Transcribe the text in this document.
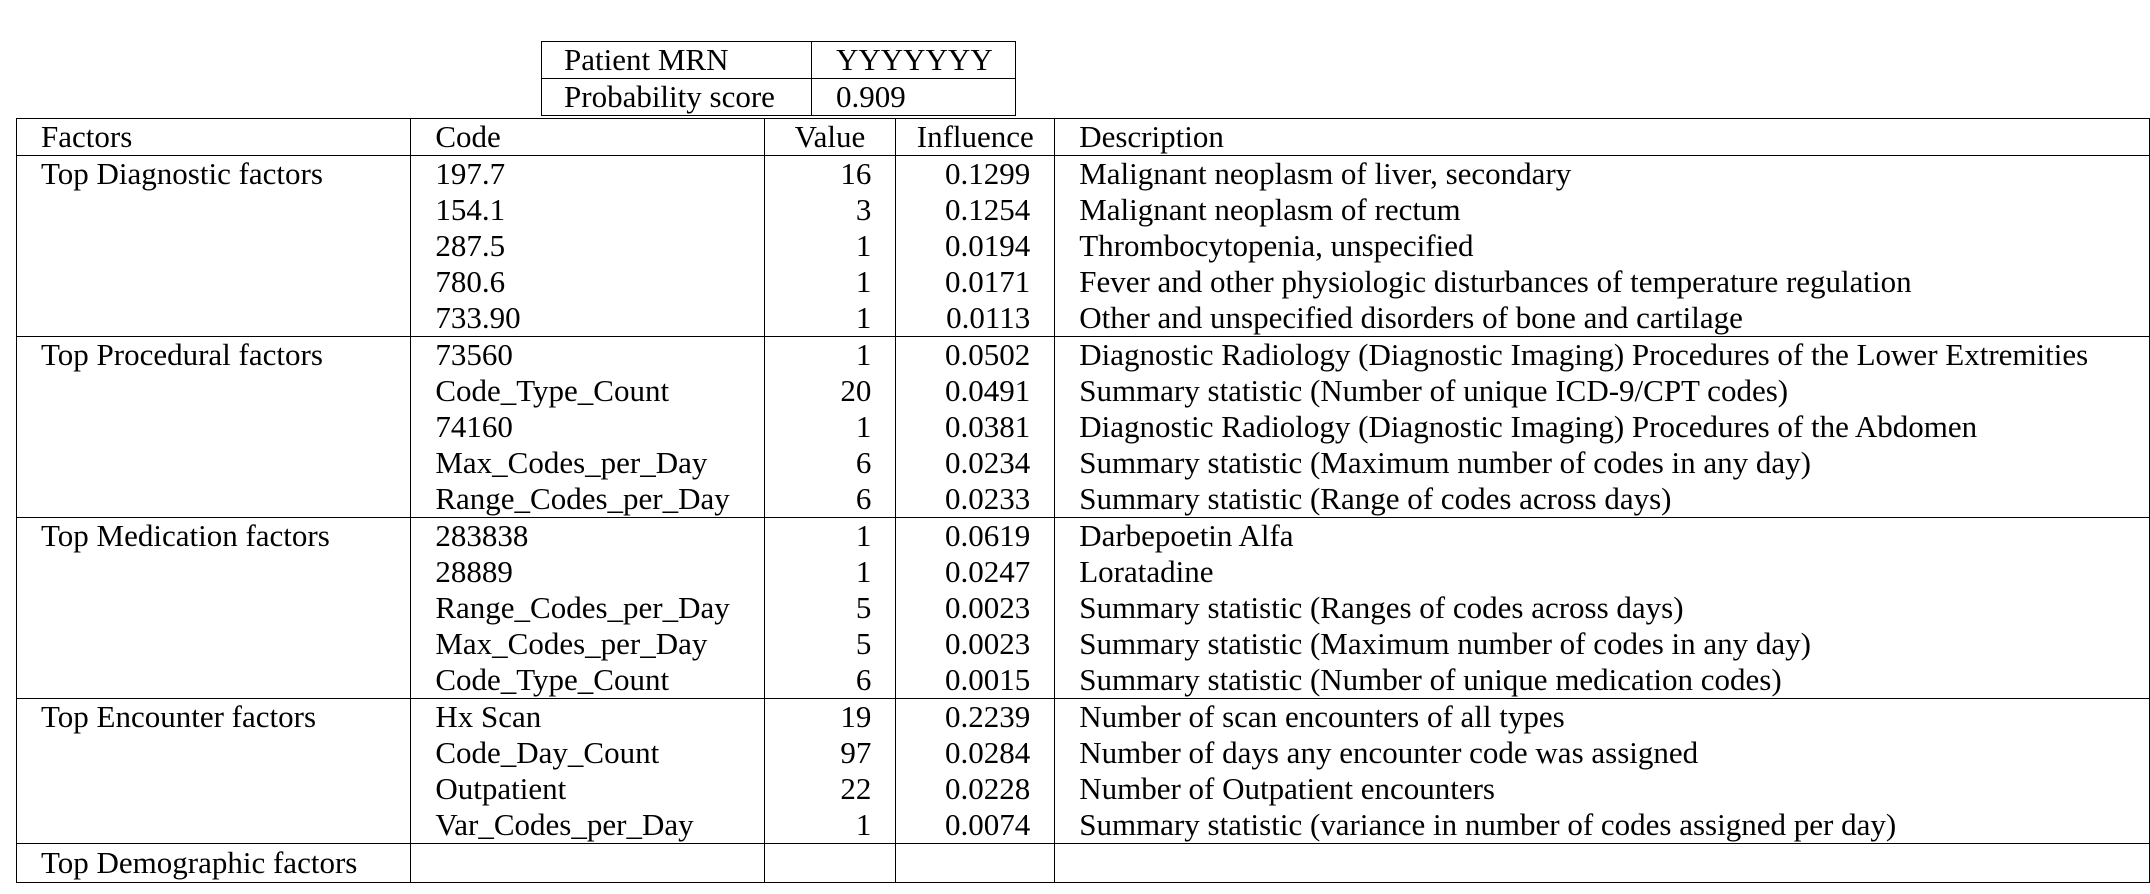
Patient MRN	YYYYYYY
Probability score	0.909
Factors	Code	Value	Influence	Description
Top Diagnostic factors	197.7	16	0.1299	Malignant neoplasm of liver, secondary
	154.1	3	0.1254	Malignant neoplasm of rectum
	287.5	1	0.0194	Thrombocytopenia, unspecified
	780.6	1	0.0171	Fever and other physiologic disturbances of temperature regulation
	733.90	1	0.0113	Other and unspecified disorders of bone and cartilage
Top Procedural factors	73560	1	0.0502	Diagnostic Radiology (Diagnostic Imaging) Procedures of the Lower Extremities
	Code_Type_Count	20	0.0491	Summary statistic (Number of unique ICD-9/CPT codes)
	74160	1	0.0381	Diagnostic Radiology (Diagnostic Imaging) Procedures of the Abdomen
	Max_Codes_per_Day	6	0.0234	Summary statistic (Maximum number of codes in any day)
	Range_Codes_per_Day	6	0.0233	Summary statistic (Range of codes across days)
Top Medication factors	283838	1	0.0619	Darbepoetin Alfa
	28889	1	0.0247	Loratadine
	Range_Codes_per_Day	5	0.0023	Summary statistic (Ranges of codes across days)
	Max_Codes_per_Day	5	0.0023	Summary statistic (Maximum number of codes in any day)
	Code_Type_Count	6	0.0015	Summary statistic (Number of unique medication codes)
Top Encounter factors	Hx Scan	19	0.2239	Number of scan encounters of all types
	Code_Day_Count	97	0.0284	Number of days any encounter code was assigned
	Outpatient	22	0.0228	Number of Outpatient encounters
	Var_Codes_per_Day	1	0.0074	Summary statistic (variance in number of codes assigned per day)
Top Demographic factors				
